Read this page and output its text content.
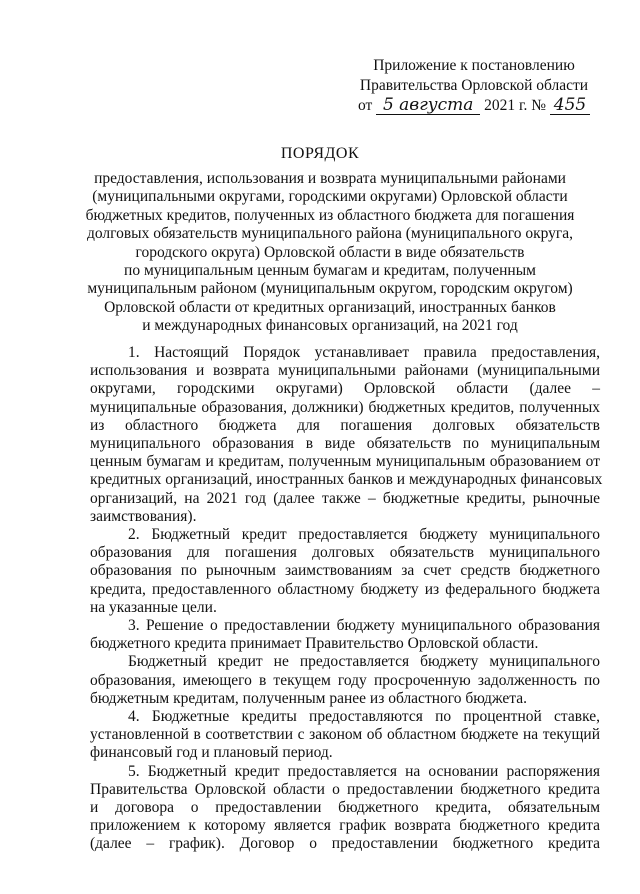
Приложение к постановлению
Правительства Орловской области
от 5 августа 2021 г. № 455
ПОРЯДОК
предоставления, использования и возврата муниципальными районами
(муниципальными округами, городскими округами) Орловской области
бюджетных кредитов, полученных из областного бюджета для погашения
долговых обязательств муниципального района (муниципального округа,
городского округа) Орловской области в виде обязательств
по муниципальным ценным бумагам и кредитам, полученным
муниципальным районом (муниципальным округом, городским округом)
Орловской области от кредитных организаций, иностранных банков
и международных финансовых организаций, на 2021 год
1. Настоящий Порядок устанавливает правила предоставления,
использования и возврата муниципальными районами (муниципальными
округами, городскими округами) Орловской области (далее –
муниципальные образования, должники) бюджетных кредитов, полученных
из областного бюджета для погашения долговых обязательств
муниципального образования в виде обязательств по муниципальным
ценным бумагам и кредитам, полученным муниципальным образованием от
кредитных организаций, иностранных банков и международных финансовых
организаций, на 2021 год (далее также – бюджетные кредиты, рыночные
заимствования).
2. Бюджетный кредит предоставляется бюджету муниципального
образования для погашения долговых обязательств муниципального
образования по рыночным заимствованиям за счет средств бюджетного
кредита, предоставленного областному бюджету из федерального бюджета
на указанные цели.
3. Решение о предоставлении бюджету муниципального образования
бюджетного кредита принимает Правительство Орловской области.
Бюджетный кредит не предоставляется бюджету муниципального
образования, имеющего в текущем году просроченную задолженность по
бюджетным кредитам, полученным ранее из областного бюджета.
4. Бюджетные кредиты предоставляются по процентной ставке,
установленной в соответствии с законом об областном бюджете на текущий
финансовый год и плановый период.
5. Бюджетный кредит предоставляется на основании распоряжения
Правительства Орловской области о предоставлении бюджетного кредита
и договора о предоставлении бюджетного кредита, обязательным
приложением к которому является график возврата бюджетного кредита
(далее – график). Договор о предоставлении бюджетного кредита
